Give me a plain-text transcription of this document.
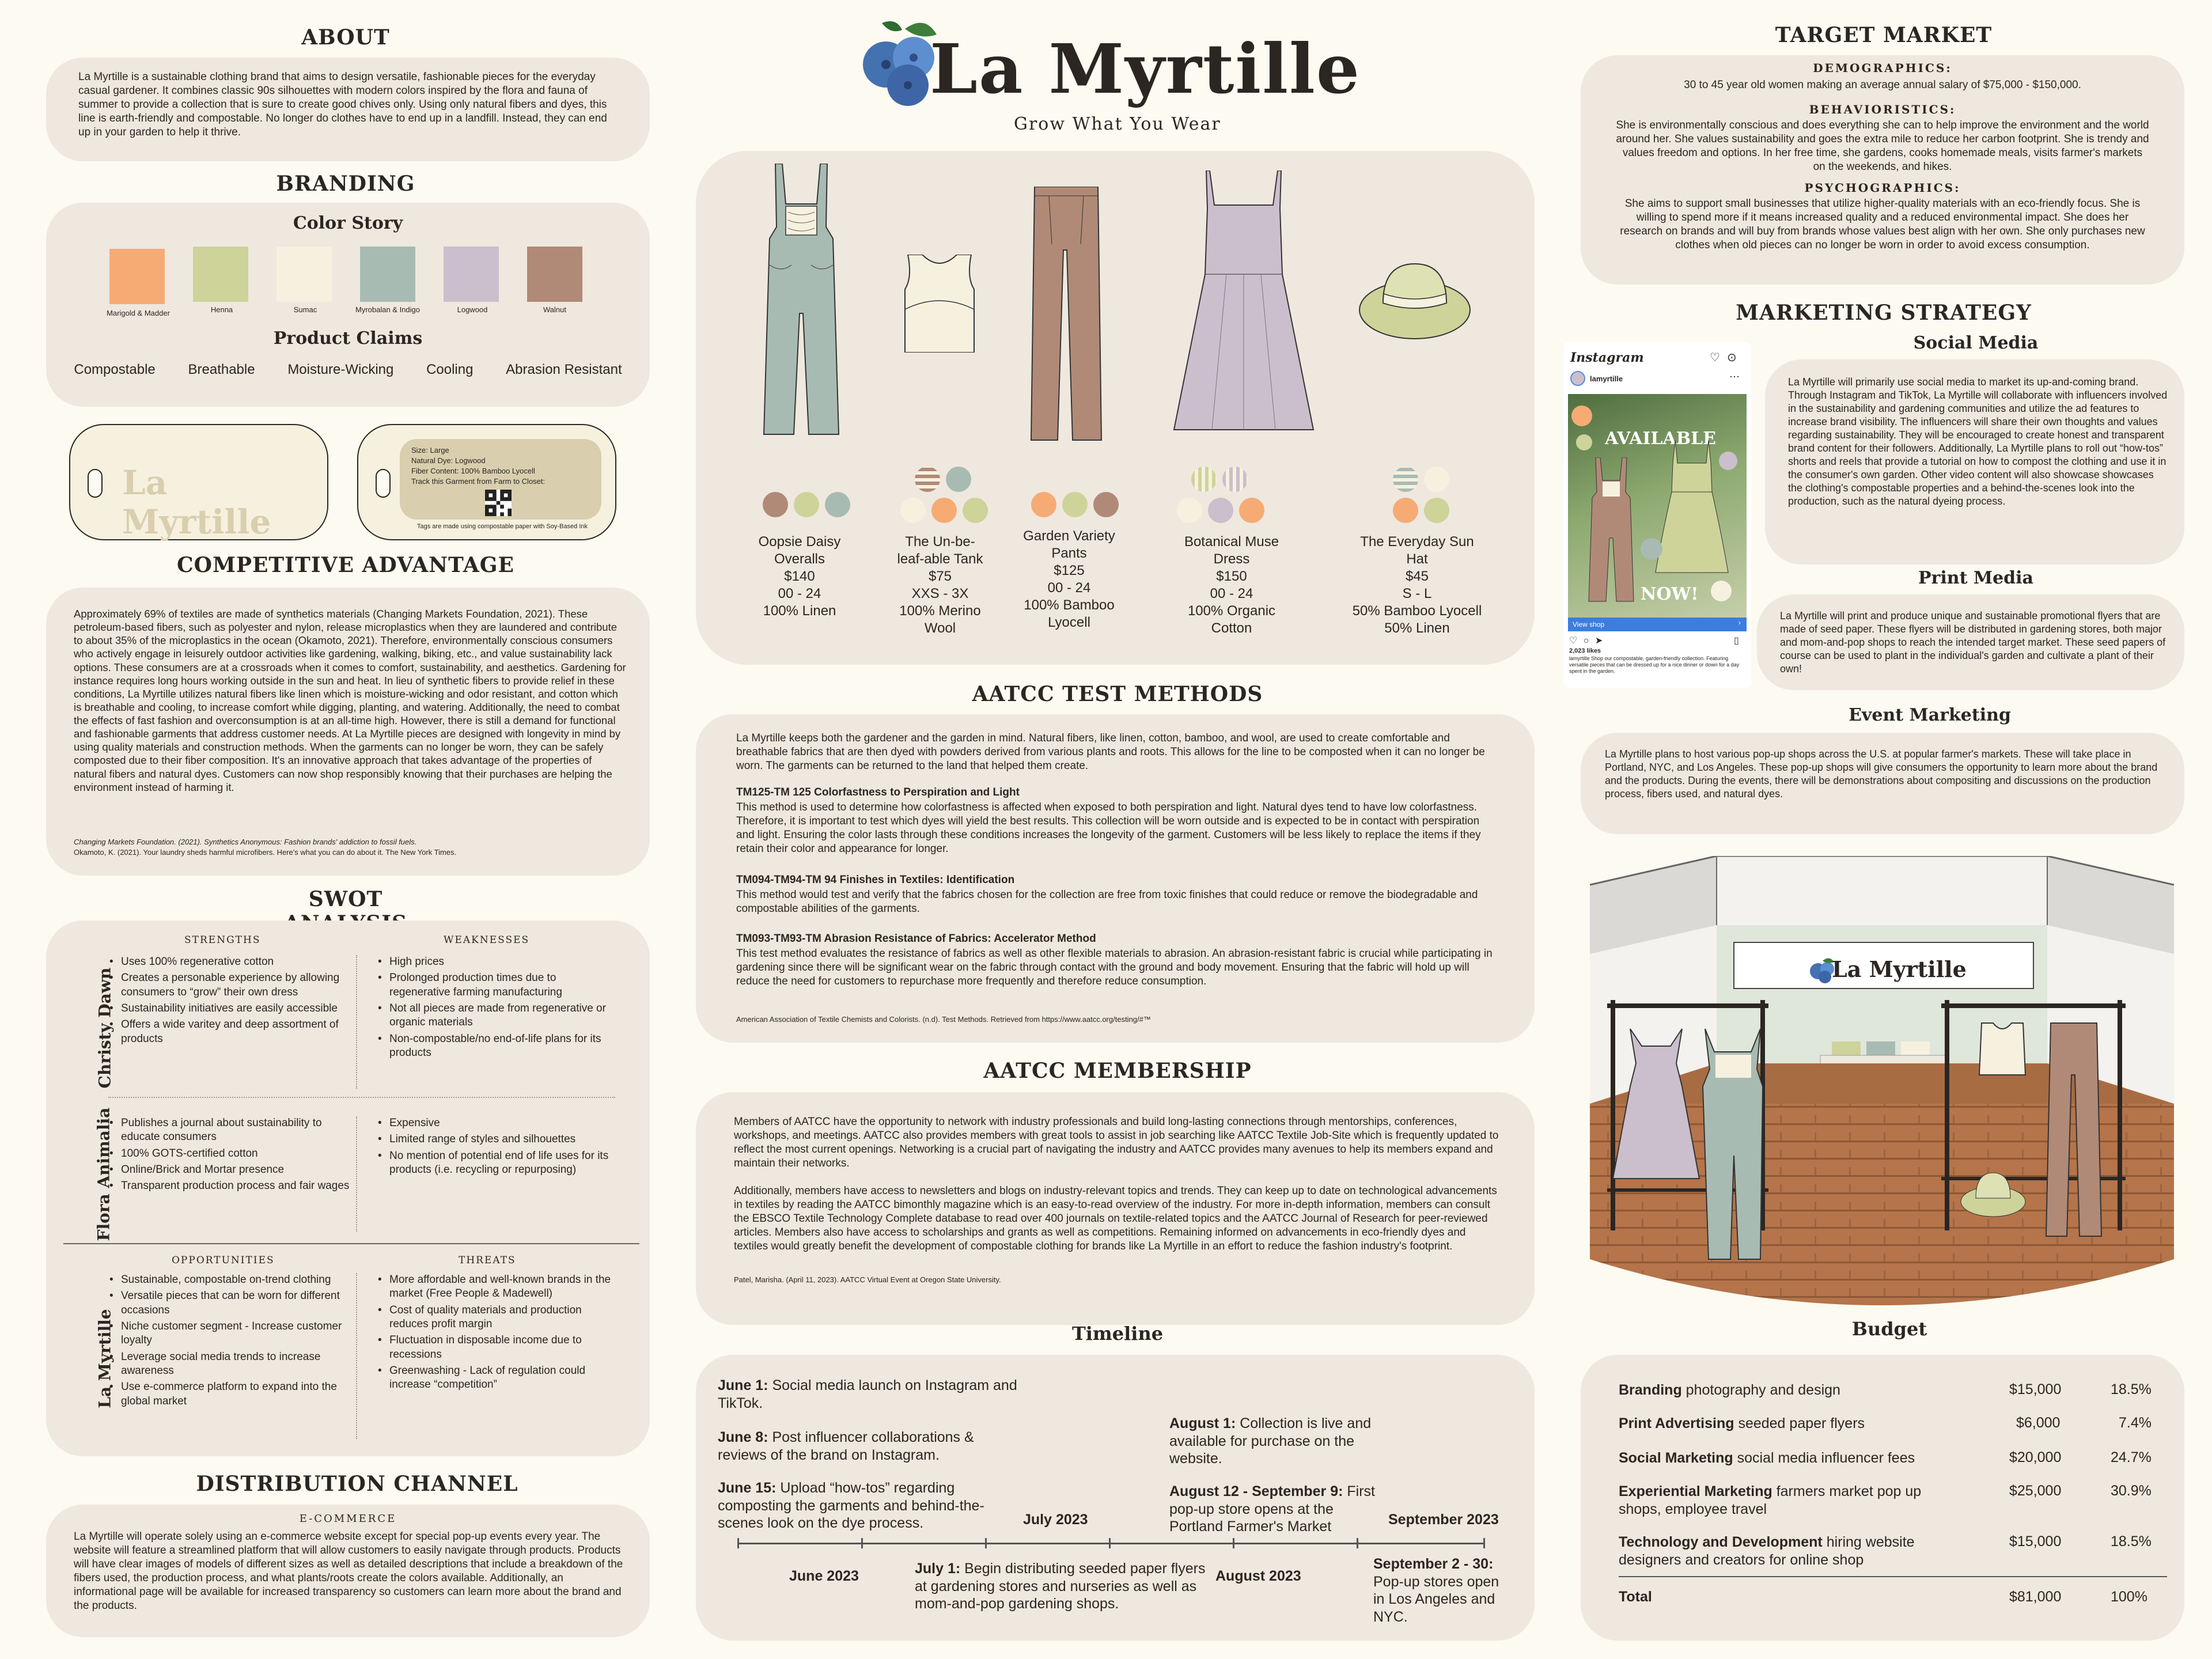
ABOUT
La Myrtille is a sustainable clothing brand that aims to design versatile, fashionable pieces for the everyday casual gardener. It combines classic 90s silhouettes with modern colors inspired by the flora and fauna of summer to provide a collection that is sure to create good chives only. Using only natural fibers and dyes, this line is earth-friendly and compostable. No longer do clothes have to end up in a landfill. Instead, they can end up in your garden to help it thrive.
BRANDING
Color Story
Marigold & Madder	Henna	Sumac	Myrobalan & Indigo	Logwood	Walnut
Product Claims
Compostable Breathable Moisture-Wicking Cooling Abrasion Resistant
La Myrtille
Size: Large
Natural Dye: Logwood
Fiber Content: 100% Bamboo Lyocell
Track this Garment from Farm to Closet:
Tags are made using compostable paper with Soy-Based Ink
COMPETITIVE ADVANTAGE
Approximately 69% of textiles are made of synthetics materials (Changing Markets Foundation, 2021). These petroleum-based fibers, such as polyester and nylon, release microplastics when they are laundered and contribute to about 35% of the microplastics in the ocean (Okamoto, 2021). Therefore, environmentally conscious consumers who actively engage in leisurely outdoor activities like gardening, walking, biking, etc., and value sustainability lack options. These consumers are at a crossroads when it comes to comfort, sustainability, and aesthetics. Gardening for instance requires long hours working outside in the sun and heat. In lieu of synthetic fibers to provide relief in these conditions, La Myrtille utilizes natural fibers like linen which is moisture-wicking and odor resistant, and cotton which is breathable and cooling, to increase comfort while digging, planting, and watering. Additionally, the need to combat the effects of fast fashion and overconsumption is at an all-time high. However, there is still a demand for functional and fashionable garments that address customer needs. At La Myrtille pieces are designed with longevity in mind by using quality materials and construction methods. When the garments can no longer be worn, they can be safely composted due to their fiber composition. It's an innovative approach that takes advantage of the properties of natural fibers and natural dyes. Customers can now shop responsibly knowing that their purchases are helping the environment instead of harming it.
Changing Markets Foundation. (2021). Synthetics Anonymous: Fashion brands' addiction to fossil fuels.
Okamoto, K. (2021). Your laundry sheds harmful microfibers. Here's what you can do about it. The New York Times.
SWOT
STRENGTHS	WEAKNESSES
Christy Dawn
• Uses 100% regenerative cotton
• Creates a personable experience by allowing consumers to “grow” their own dress
• Sustainability initiatives are easily accessible
• Offers a wide varitey and deep assortment of products
• High prices
• Prolonged production times due to regenerative farming manufacturing
• Not all pieces are made from regenerative or organic materials
• Non-compostable/no end-of-life plans for its products
Flora Animalia
• Publishes a journal about sustainability to educate consumers
• 100% GOTS-certified cotton
• Online/Brick and Mortar presence
• Transparent production process and fair wages
• Expensive
• Limited range of styles and silhouettes
• No mention of potential end of life uses for its products (i.e. recycling or repurposing)
OPPORTUNITIES	THREATS
La Myrtille
• Sustainable, compostable on-trend clothing
• Versatile pieces that can be worn for different occasions
• Niche customer segment - Increase customer loyalty
• Leverage social media trends to increase awareness
• Use e-commerce platform to expand into the global market
• More affordable and well-known brands in the market (Free People & Madewell)
• Cost of quality materials and production reduces profit margin
• Fluctuation in disposable income due to recessions
• Greenwashing - Lack of regulation could increase “competition”
DISTRIBUTION CHANNEL
E-COMMERCE
La Myrtille will operate solely using an e-commerce website except for special pop-up events every year. The website will feature a streamlined platform that will allow customers to easily navigate through products. Products will have clear images of models of different sizes as well as detailed descriptions that include a breakdown of the fibers used, the production process, and what plants/roots create the colors available. Additionally, an informational page will be available for increased transparency so customers can learn more about the brand and the products.
La Myrtille
Grow What You Wear
Oopsie Daisy Overalls
$140
00 - 24
100% Linen
The Un-be-leaf-able Tank
$75
XXS - 3X
100% Merino Wool
Garden Variety Pants
$125
00 - 24
100% Bamboo Lyocell
Botanical Muse Dress
$150
00 - 24
100% Organic Cotton
The Everyday Sun Hat
$45
S - L
50% Bamboo Lyocell 50% Linen
AATCC TEST METHODS
La Myrtille keeps both the gardener and the garden in mind. Natural fibers, like linen, cotton, bamboo, and wool, are used to create comfortable and breathable fabrics that are then dyed with powders derived from various plants and roots. This allows for the line to be composted when it can no longer be worn. The garments can be returned to the land that helped them create.
TM125-TM 125 Colorfastness to Perspiration and Light
This method is used to determine how colorfastness is affected when exposed to both perspiration and light. Natural dyes tend to have low colorfastness. Therefore, it is important to test which dyes will yield the best results. This collection will be worn outside and is expected to be in contact with perspiration and light. Ensuring the color lasts through these conditions increases the longevity of the garment. Customers will be less likely to replace the items if they retain their color and appearance for longer.
TM094-TM94-TM 94 Finishes in Textiles: Identification
This method would test and verify that the fabrics chosen for the collection are free from toxic finishes that could reduce or remove the biodegradable and compostable abilities of the garments.
TM093-TM93-TM Abrasion Resistance of Fabrics: Accelerator Method
This test method evaluates the resistance of fabrics as well as other flexible materials to abrasion. An abrasion-resistant fabric is crucial while participating in gardening since there will be significant wear on the fabric through contact with the ground and body movement. Ensuring that the fabric will hold up will reduce the need for customers to repurchase more frequently and therefore reduce consumption.
American Association of Textile Chemists and Colorists. (n.d). Test Methods. Retrieved from https://www.aatcc.org/testing/#™
AATCC MEMBERSHIP
Members of AATCC have the opportunity to network with industry professionals and build long-lasting connections through mentorships, conferences, workshops, and meetings. AATCC also provides members with great tools to assist in job searching like AATCC Textile Job-Site which is frequently updated to reflect the most current openings. Networking is a crucial part of navigating the industry and AATCC provides many avenues to help its members expand and maintain their networks.
Additionally, members have access to newsletters and blogs on industry-relevant topics and trends. They can keep up to date on technological advancements in textiles by reading the AATCC bimonthly magazine which is an easy-to-read overview of the industry. For more in-depth information, members can consult the EBSCO Textile Technology Complete database to read over 400 journals on textile-related topics and the AATCC Journal of Research for peer-reviewed articles. Members also have access to scholarships and grants as well as competitions. Remaining informed on advancements in eco-friendly dyes and textiles would greatly benefit the development of compostable clothing for brands like La Myrtille in an effort to reduce the fashion industry's footprint.
Patel, Marisha. (April 11, 2023). AATCC Virtual Event at Oregon State University.
Timeline
June 1: Social media launch on Instagram and TikTok.
June 8: Post influencer collaborations & reviews of the brand on Instagram.
June 15: Upload “how-tos” regarding composting the garments and behind-the-scenes look on the dye process.
July 1: Begin distributing seeded paper flyers at gardening stores and nurseries as well as mom-and-pop gardening shops.
August 1: Collection is live and available for purchase on the website.
August 12 - September 9: First pop-up store opens at the Portland Farmer's Market
September 2 - 30: Pop-up stores open in Los Angeles and NYC.
June 2023
July 2023
August 2023
September 2023
TARGET MARKET
DEMOGRAPHICS:
30 to 45 year old women making an average annual salary of $75,000 - $150,000.
BEHAVIORISTICS:
She is environmentally conscious and does everything she can to help improve the environment and the world around her. She values sustainability and goes the extra mile to reduce her carbon footprint. She is trendy and values freedom and options. In her free time, she gardens, cooks homemade meals, visits farmer's markets on the weekends, and hikes.
PSYCHOGRAPHICS:
She aims to support small businesses that utilize higher-quality materials with an eco-friendly focus. She is willing to spend more if it means increased quality and a reduced environmental impact. She does her research on brands and will buy from brands whose values best align with her own. She only purchases new clothes when old pieces can no longer be worn in order to avoid excess consumption.
MARKETING STRATEGY
Social Media
Instagram	♡ ⊙
lamyrtille	⋯
AVAILABLE
NOW!
View shop	›
♡ ○ ➤	▯
2,023 likes
lamyrtille Shop our compostable, garden-friendly collection. Featuring versatile pieces that can be dressed up for a nice dinner or down for a day spent in the garden.
La Myrtille will primarily use social media to market its up-and-coming brand. Through Instagram and TikTok, La Myrtille will collaborate with influencers involved in the sustainability and gardening communities and utilize the ad features to increase brand visibility. The influencers will share their own thoughts and values regarding sustainability. They will be encouraged to create honest and transparent brand content for their followers. Additionally, La Myrtille plans to roll out “how-tos” shorts and reels that provide a tutorial on how to compost the clothing and use it in the consumer's own garden. Other video content will also showcase showcases the clothing's compostable properties and a behind-the-scenes look into the production, such as the natural dyeing process.
Print Media
La Myrtille will print and produce unique and sustainable promotional flyers that are made of seed paper. These flyers will be distributed in gardening stores, both major and mom-and-pop shops to reach the intended target market. These seed papers of course can be used to plant in the individual's garden and cultivate a plant of their own!
Event Marketing
La Myrtille plans to host various pop-up shops across the U.S. at popular farmer's markets. These will take place in Portland, NYC, and Los Angeles. These pop-up shops will give consumers the opportunity to learn more about the brand and the products. During the events, there will be demonstrations about compositing and discussions on the production process, fibers used, and natural dyes.
La Myrtille
Budget
Branding photography and design	$15,000	18.5%
Print Advertising seeded paper flyers	$6,000	7.4%
Social Marketing social media influencer fees	$20,000	24.7%
Experiential Marketing farmers market pop up shops, employee travel
$25,000	30.9%
Technology and Development hiring website designers and creators for online shop
$15,000	18.5%
Total	$81,000	100%
